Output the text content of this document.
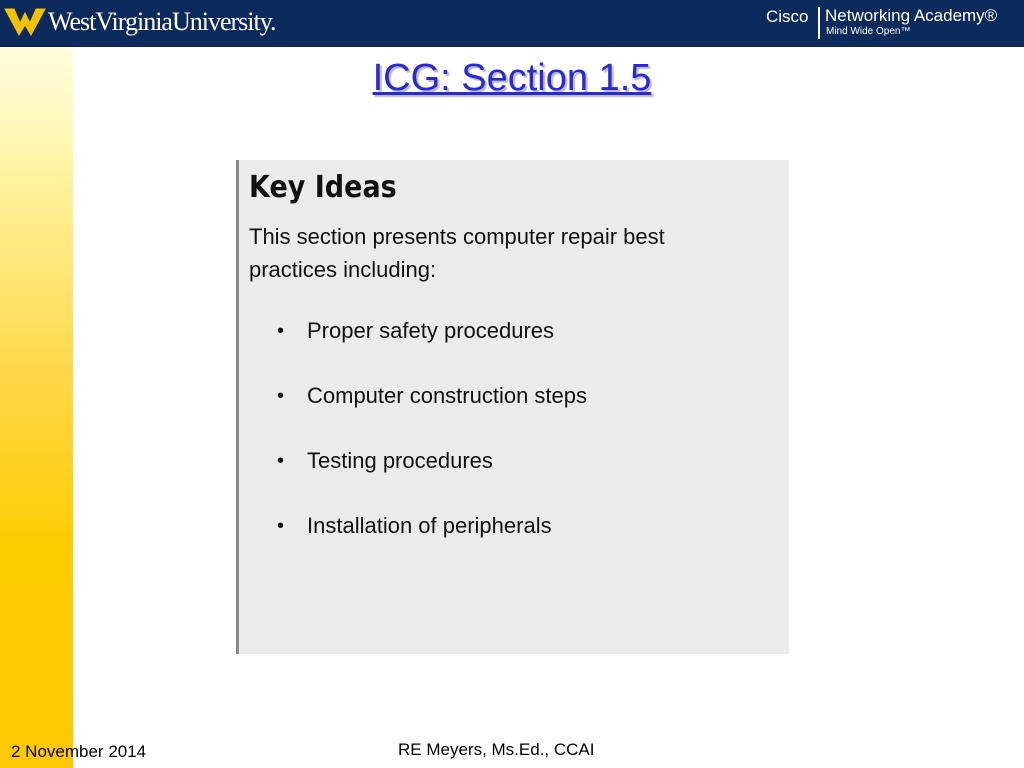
WestVirginiaUniversity.	Cisco Networking Academy®
Mind Wide Open™
ICG: Section 1.5
Key Ideas
This section presents computer repair best practices including:
• Proper safety procedures
• Computer construction steps
• Testing procedures
• Installation of peripherals
2 November 2014	RE Meyers, Ms.Ed., CCAI
